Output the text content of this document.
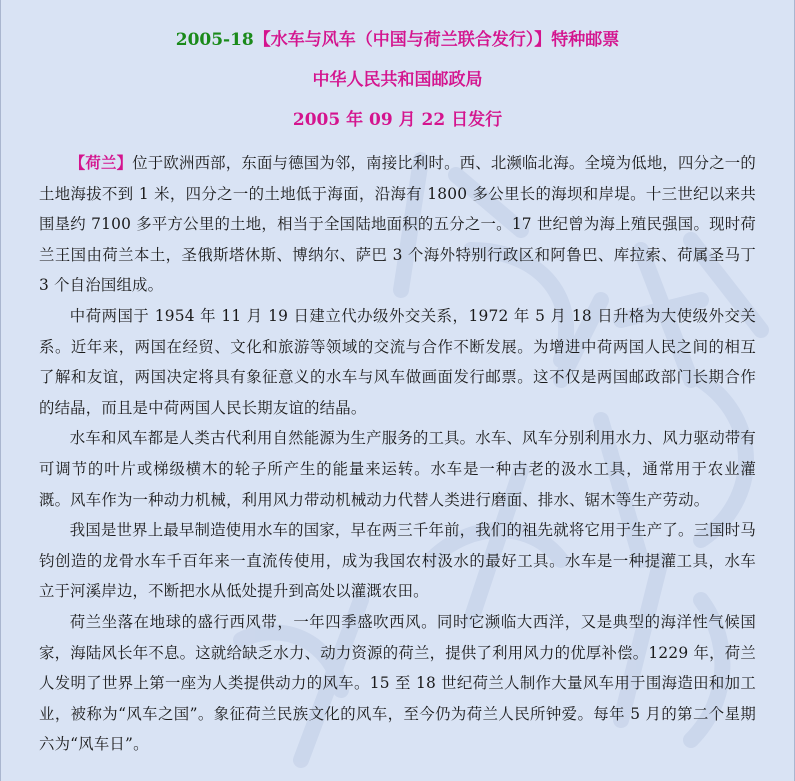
2005-18【水车与风车（中国与荷兰联合发行）】特种邮票
中华人民共和国邮政局
2005 年 09 月 22 日发行

【荷兰】位于欧洲西部，东面与德国为邻，南接比利时。西、北濒临北海。全境为低地，四分之一的土地海拔不到 1 米，四分之一的土地低于海面，沿海有 1800 多公里长的海坝和岸堤。十三世纪以来共围垦约 7100 多平方公里的土地，相当于全国陆地面积的五分之一。17 世纪曾为海上殖民强国。现时荷兰王国由荷兰本土，圣俄斯塔休斯、博纳尔、萨巴 3 个海外特别行政区和阿鲁巴、库拉索、荷属圣马丁 3 个自治国组成。

中荷两国于 1954 年 11 月 19 日建立代办级外交关系，1972 年 5 月 18 日升格为大使级外交关系。近年来，两国在经贸、文化和旅游等领域的交流与合作不断发展。为增进中荷两国人民之间的相互了解和友谊，两国决定将具有象征意义的水车与风车做画面发行邮票。这不仅是两国邮政部门长期合作的结晶，而且是中荷两国人民长期友谊的结晶。

水车和风车都是人类古代利用自然能源为生产服务的工具。水车、风车分别利用水力、风力驱动带有可调节的叶片或梯级横木的轮子所产生的能量来运转。水车是一种古老的汲水工具，通常用于农业灌溉。风车作为一种动力机械，利用风力带动机械动力代替人类进行磨面、排水、锯木等生产劳动。

我国是世界上最早制造使用水车的国家，早在两三千年前，我们的祖先就将它用于生产了。三国时马钧创造的龙骨水车千百年来一直流传使用，成为我国农村汲水的最好工具。水车是一种提灌工具，水车立于河溪岸边，不断把水从低处提升到高处以灌溉农田。

荷兰坐落在地球的盛行西风带，一年四季盛吹西风。同时它濒临大西洋，又是典型的海洋性气候国家，海陆风长年不息。这就给缺乏水力、动力资源的荷兰，提供了利用风力的优厚补偿。1229 年，荷兰人发明了世界上第一座为人类提供动力的风车。15 至 18 世纪荷兰人制作大量风车用于围海造田和加工业，被称为“风车之国”。象征荷兰民族文化的风车，至今仍为荷兰人民所钟爱。每年 5 月的第二个星期六为“风车日”。
